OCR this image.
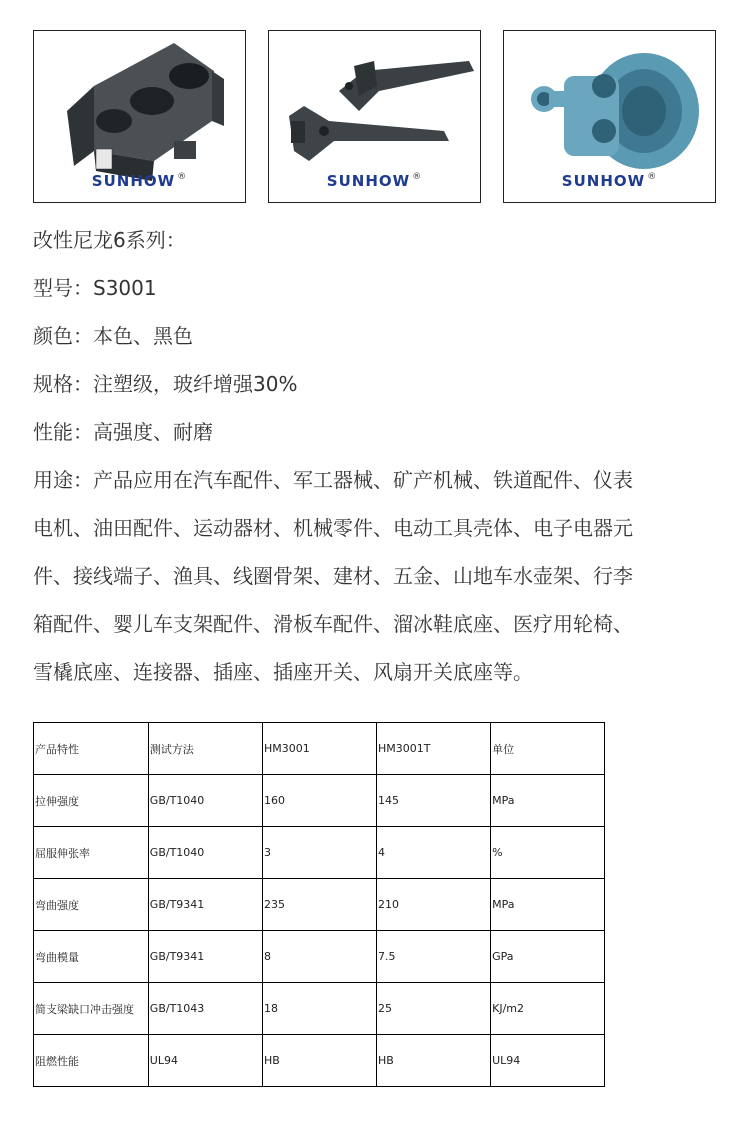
SUNHOW ®	SUNHOW ®	SUNHOW ®

改性尼龙6系列：

型号：S3001

颜色：本色、黑色

规格：注塑级，玻纤增强30%

性能：高强度、耐磨

用途：产品应用在汽车配件、军工器械、矿产机械、铁道配件、仪表

电机、油田配件、运动器材、机械零件、电动工具壳体、电子电器元

件、接线端子、渔具、线圈骨架、建材、五金、山地车水壶架、行李

箱配件、婴儿车支架配件、滑板车配件、溜冰鞋底座、医疗用轮椅、

雪橇底座、连接器、插座、插座开关、风扇开关底座等。

产品特性	测试方法	HM3001	HM3001T	单位
拉伸强度	GB/T1040	160	145	MPa
屈服伸张率	GB/T1040	3	4	%
弯曲强度	GB/T9341	235	210	MPa
弯曲模量	GB/T9341	8	7.5	GPa
简支梁缺口冲击强度	GB/T1043	18	25	KJ/m2
阻燃性能	UL94	HB	HB	UL94
